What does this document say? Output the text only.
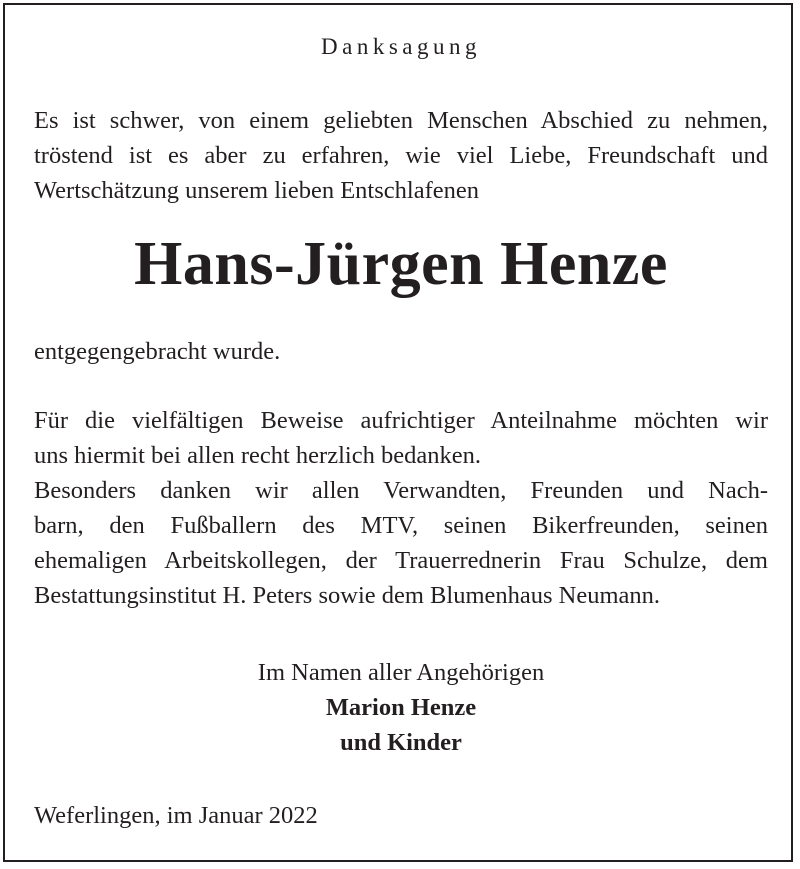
Danksagung
Es ist schwer, von einem geliebten Menschen Abschied zu nehmen,
tröstend ist es aber zu erfahren, wie viel Liebe, Freundschaft und
Wertschätzung unserem lieben Entschlafenen
Hans-Jürgen Henze
entgegengebracht wurde.
Für die vielfältigen Beweise aufrichtiger Anteilnahme möchten wir
uns hiermit bei allen recht herzlich bedanken.
Besonders danken wir allen Verwandten, Freunden und Nach-
barn, den Fußballern des MTV, seinen Bikerfreunden, seinen
ehemaligen Arbeitskollegen, der Trauerrednerin Frau Schulze, dem
Bestattungsinstitut H. Peters sowie dem Blumenhaus Neumann.
Im Namen aller Angehörigen
Marion Henze
und Kinder
Weferlingen, im Januar 2022
